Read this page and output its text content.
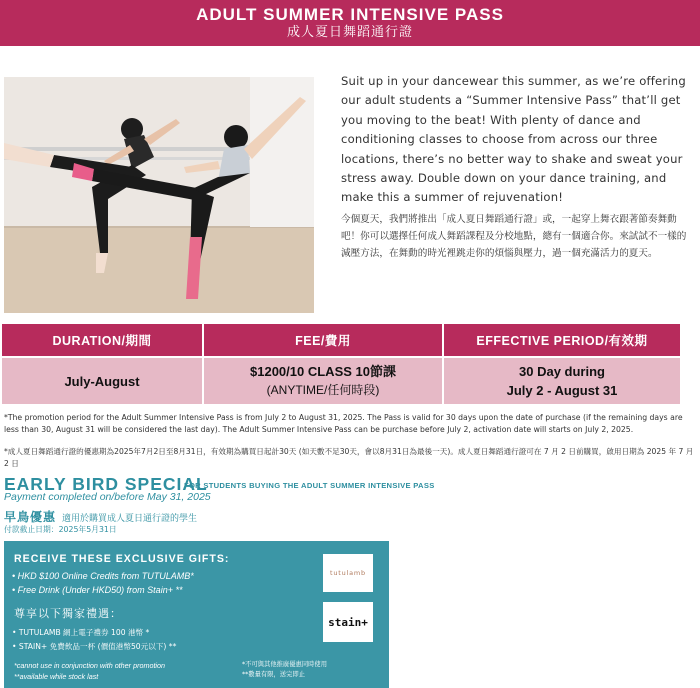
ADULT SUMMER INTENSIVE PASS
成人夏日舞蹈通行證
Suit up in your dancewear this summer, as we’re offering our adult students a “Summer Intensive Pass” that’ll get you moving to the beat! With plenty of dance and conditioning classes to choose from across our three locations, there’s no better way to shake and sweat your stress away. Double down on your dance training, and make this a summer of rejuvenation!
今個夏天，我們將推出「成人夏日舞蹈通行證」或，一起穿上舞衣跟著節奏舞動吧！你可以選擇任何成人舞蹈課程及分校地點，總有一個適合你。來試試不一樣的減壓方法，在舞動的時光裡跳走你的煩惱與壓力，過一個充滿活力的夏天。
DURATION/期間	FEE/費用	EFFECTIVE PERIOD/有效期
July-August
$1200/10 CLASS 10節課
(ANYTIME/任何時段)
30 Day during
July 2 - August 31
*The promotion period for the Adult Summer Intensive Pass is from July 2 to August 31, 2025. The Pass is valid for 30 days upon the date of purchase (if the remaining days are less than 30, August 31 will be considered the last day). The Adult Summer Intensive Pass can be purchase before July 2, activation date will starts on July 2, 2025.
*成人夏日舞蹈通行證的優惠期為2025年7月2日至8月31日，有效期為購買日起計30天 (如天數不足30天，會以8月31日為最後一天)。成人夏日舞蹈通行證可在 7 月 2 日前購買，啟用日期為 2025 年 7 月 2 日
EARLY BIRD SPECIAL
FOR STUDENTS BUYING THE ADULT SUMMER INTENSIVE PASS
Payment completed on/before May 31, 2025
早鳥優惠 適用於購買成人夏日通行證的學生
付款截止日期：2025年5月31日
RECEIVE THESE EXCLUSIVE GIFTS:
• HKD $100 Online Credits from TUTULAMB*
• Free Drink (Under HKD50) from Stain+ **
尊享以下獨家禮遇：
• TUTULAMB 網上電子禮券 100 港幣 *
• STAIN+ 免費飲品一杯 (價值港幣50元以下) **
*cannot use in conjunction with other promotion
**available while stock last
*不可與其他推廣優惠同時使用
**數量有限，送完即止
tutulamb
stain+
